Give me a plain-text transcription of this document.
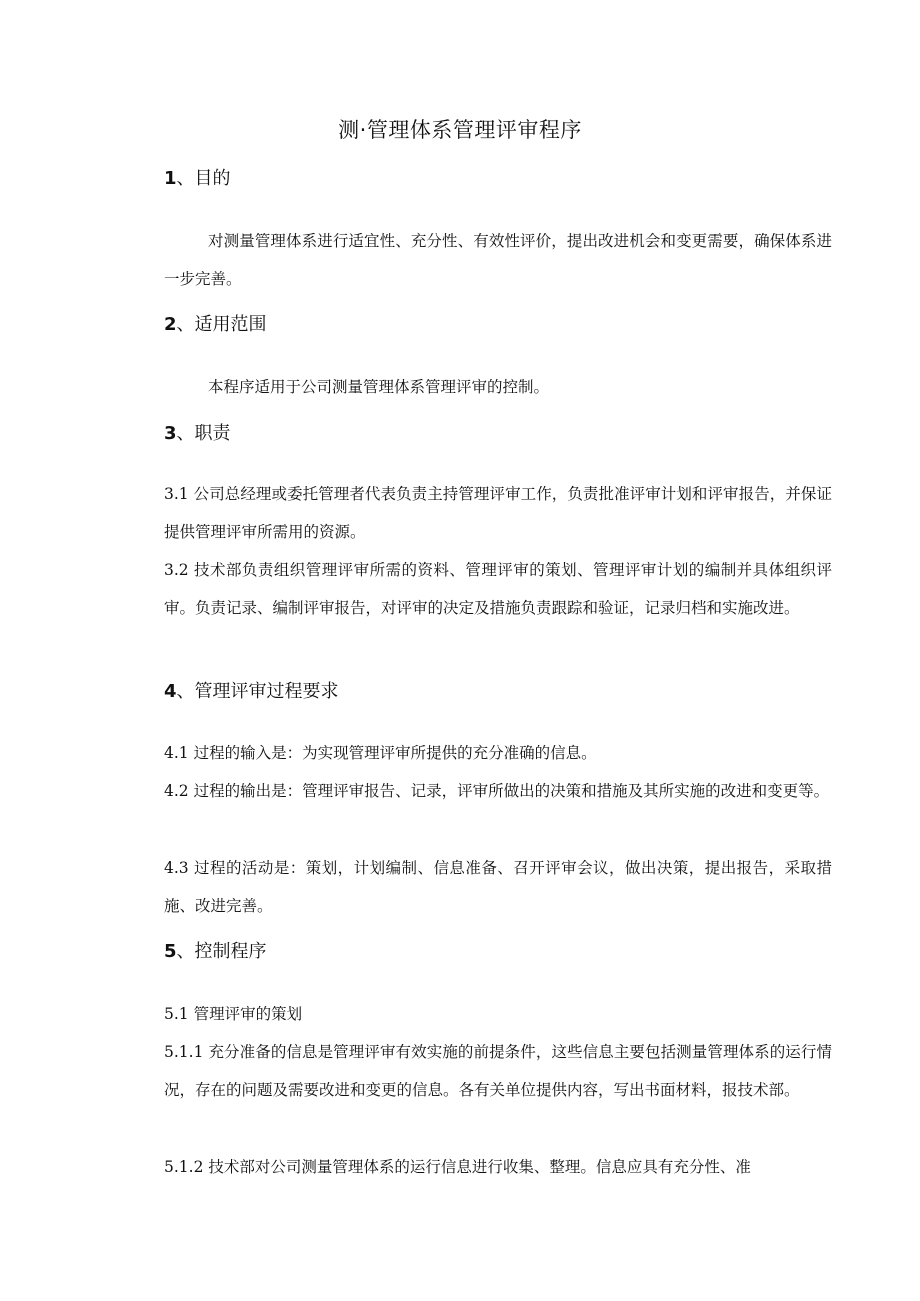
测·管理体系管理评审程序
1、目的

对测量管理体系进行适宜性、充分性、有效性评价，提出改进机会和变更需要，确保体系进一步完善。

2、适用范围

本程序适用于公司测量管理体系管理评审的控制。

3、职责

3.1 公司总经理或委托管理者代表负责主持管理评审工作，负责批准评审计划和评审报告，并保证提供管理评审所需用的资源。

3.2 技术部负责组织管理评审所需的资料、管理评审的策划、管理评审计划的编制并具体组织评审。负责记录、编制评审报告，对评审的决定及措施负责跟踪和验证，记录归档和实施改进。

4、管理评审过程要求

4.1 过程的输入是：为实现管理评审所提供的充分准确的信息。

4.2 过程的输出是：管理评审报告、记录，评审所做出的决策和措施及其所实施的改进和变更等。

4.3 过程的活动是：策划，计划编制、信息准备、召开评审会议，做出决策，提出报告，采取措施、改进完善。

5、控制程序

5.1 管理评审的策划

5.1.1 充分准备的信息是管理评审有效实施的前提条件，这些信息主要包括测量管理体系的运行情况，存在的问题及需要改进和变更的信息。各有关单位提供内容，写出书面材料，报技术部。

5.1.2 技术部对公司测量管理体系的运行信息进行收集、整理。信息应具有充分性、准
